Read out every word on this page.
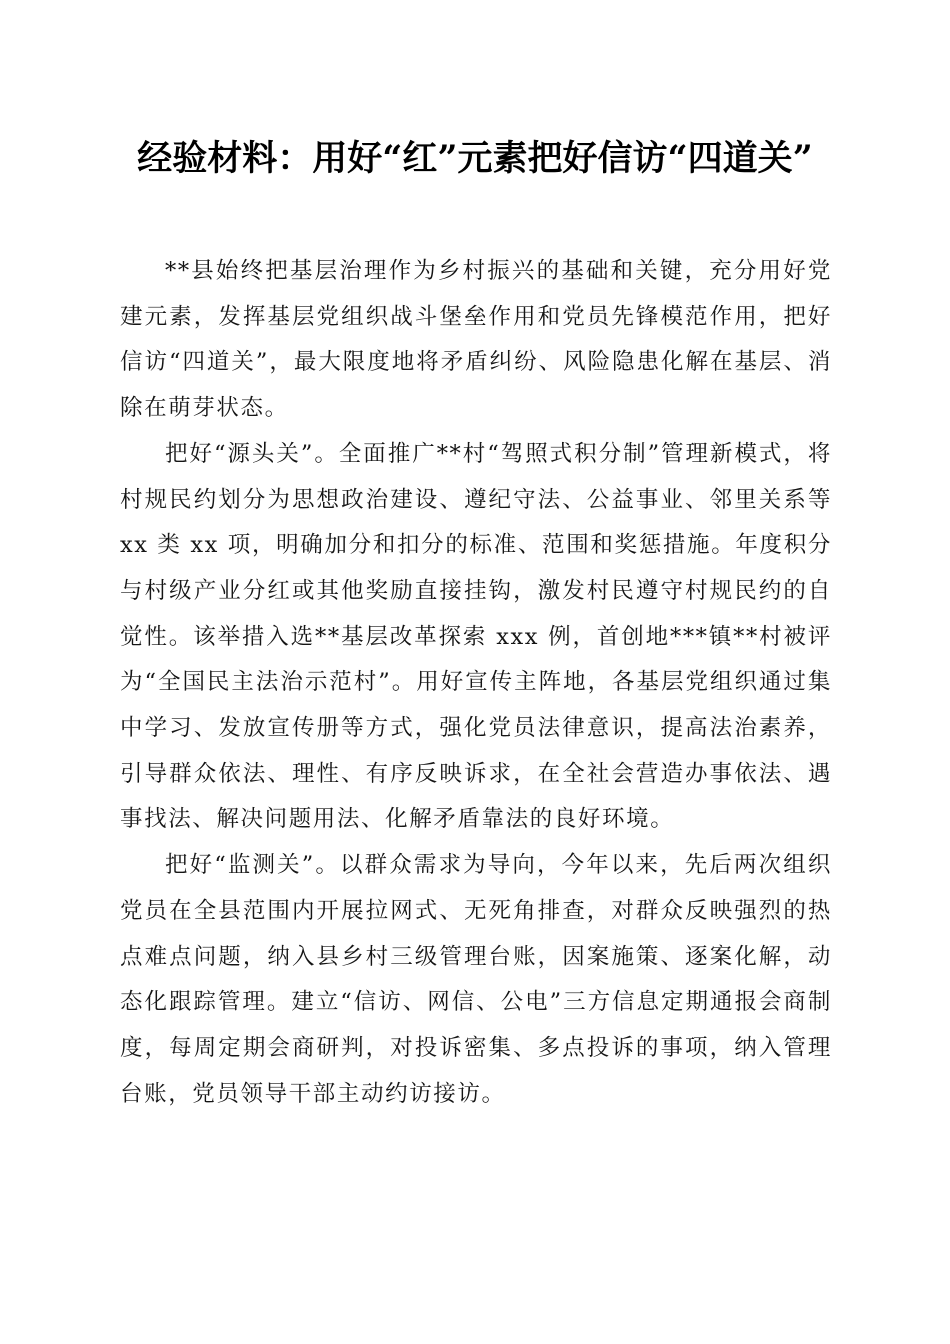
经验材料：用好“红”元素把好信访“四道关”

**县始终把基层治理作为乡村振兴的基础和关键，充分用好党建元素，发挥基层党组织战斗堡垒作用和党员先锋模范作用，把好信访“四道关”，最大限度地将矛盾纠纷、风险隐患化解在基层、消除在萌芽状态。

把好“源头关”。全面推广**村“驾照式积分制”管理新模式，将村规民约划分为思想政治建设、遵纪守法、公益事业、邻里关系等 xx 类 xx 项，明确加分和扣分的标准、范围和奖惩措施。年度积分与村级产业分红或其他奖励直接挂钩，激发村民遵守村规民约的自觉性。该举措入选**基层改革探索 xxx 例，首创地***镇**村被评为“全国民主法治示范村”。用好宣传主阵地，各基层党组织通过集中学习、发放宣传册等方式，强化党员法律意识，提高法治素养，引导群众依法、理性、有序反映诉求，在全社会营造办事依法、遇事找法、解决问题用法、化解矛盾靠法的良好环境。

把好“监测关”。以群众需求为导向，今年以来，先后两次组织党员在全县范围内开展拉网式、无死角排查，对群众反映强烈的热点难点问题，纳入县乡村三级管理台账，因案施策、逐案化解，动态化跟踪管理。建立“信访、网信、公电”三方信息定期通报会商制度，每周定期会商研判，对投诉密集、多点投诉的事项，纳入管理台账，党员领导干部主动约访接访。
